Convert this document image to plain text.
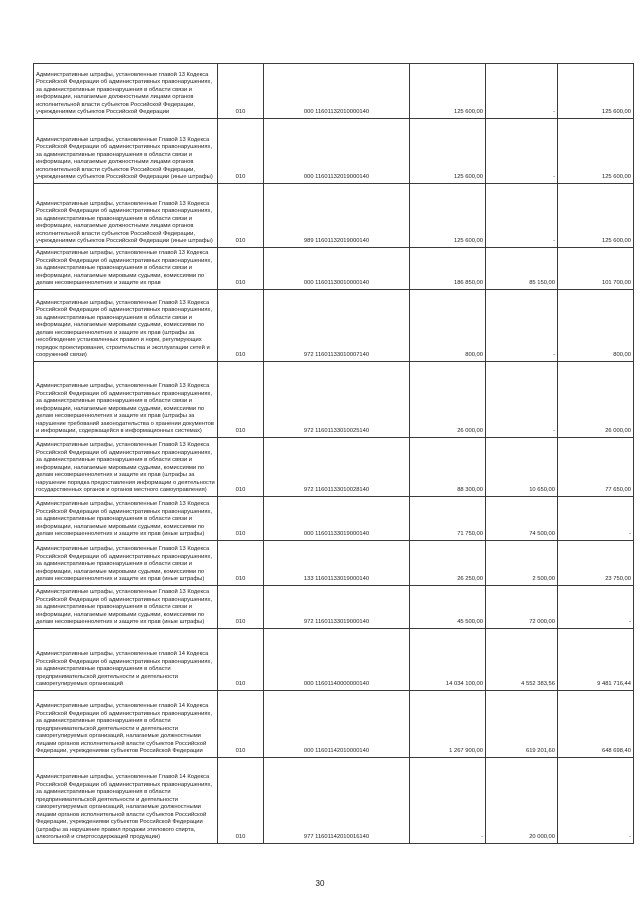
Административные штрафы, установленные главой 13 Кодекса Российской Федерации об административных правонарушениях, за административные правонарушения в области связи и информации, налагаемые должностными лицами органов исполнительной власти субъектов Российской Федерации, учреждениями субъектов Российской Федерации	010	000 11601132010000140	125 600,00	-	125 600,00
Административные штрафы, установленные Главой 13 Кодекса Российской Федерации об административных правонарушениях, за административные правонарушения в области связи и информации, налагаемые должностными лицами органов исполнительной власти субъектов Российской Федерации, учреждениями субъектов Российской Федерации (иные штрафы)	010	000 11601132019000140	125 600,00	-	125 600,00
Административные штрафы, установленные Главой 13 Кодекса Российской Федерации об административных правонарушениях, за административные правонарушения в области связи и информации, налагаемые должностными лицами органов исполнительной власти субъектов Российской Федерации, учреждениями субъектов Российской Федерации (иные штрафы)	010	989 11601132019000140	125 600,00	-	125 600,00
Административные штрафы, установленные главой 13 Кодекса Российской Федерации об административных правонарушениях, за административные правонарушения в области связи и информации, налагаемые мировыми судьями, комиссиями по делам несовершеннолетних и защите их прав	010	000 11601130010000140	186 850,00	85 150,00	101 700,00
Административные штрафы, установленные Главой 13 Кодекса Российской Федерации об административных правонарушениях, за административные правонарушения в области связи и информации, налагаемые мировыми судьями, комиссиями по делам несовершеннолетних и защите их прав (штрафы за несоблюдение установленных правил и норм, регулирующих порядок проектирования, строительства и эксплуатации сетей и сооружений связи)	010	972 11601133010007140	800,00	-	800,00
Административные штрафы, установленные Главой 13 Кодекса Российской Федерации об административных правонарушениях, за административные правонарушения в области связи и информации, налагаемые мировыми судьями, комиссиями по делам несовершеннолетних и защите их прав (штрафы за нарушение требований законодательства о хранении документов и информации, содержащейся в информационных системах)	010	972 11601133010025140	26 000,00	-	26 000,00
Административные штрафы, установленные Главой 13 Кодекса Российской Федерации об административных правонарушениях, за административные правонарушения в области связи и информации, налагаемые мировыми судьями, комиссиями по делам несовершеннолетних и защите их прав (штрафы за нарушение порядка предоставления информации о деятельности государственных органов и органов местного самоуправления)	010	972 11601133010028140	88 300,00	10 650,00	77 650,00
Административные штрафы, установленные Главой 13 Кодекса Российской Федерации об административных правонарушениях, за административные правонарушения в области связи и информации, налагаемые мировыми судьями, комиссиями по делам несовершеннолетних и защите их прав (иные штрафы)	010	000 11601133019000140	71 750,00	74 500,00	-
Административные штрафы, установленные Главой 13 Кодекса Российской Федерации об административных правонарушениях, за административные правонарушения в области связи и информации, налагаемые мировыми судьями, комиссиями по делам несовершеннолетних и защите их прав (иные штрафы)	010	133 11601133019000140	26 250,00	2 500,00	23 750,00
Административные штрафы, установленные Главой 13 Кодекса Российской Федерации об административных правонарушениях, за административные правонарушения в области связи и информации, налагаемые мировыми судьями, комиссиями по делам несовершеннолетних и защите их прав (иные штрафы)	010	972 11601133019000140	45 500,00	72 000,00	-
Административные штрафы, установленные главой 14 Кодекса Российской Федерации об административных правонарушениях, за административные правонарушения в области предпринимательской деятельности и деятельности саморегулируемых организаций	010	000 11601140000000140	14 034 100,00	4 552 383,56	9 481 716,44
Административные штрафы, установленные главой 14 Кодекса Российской Федерации об административных правонарушениях, за административные правонарушения в области предпринимательской деятельности и деятельности саморегулируемых организаций, налагаемые должностными лицами органов исполнительной власти субъектов Российской Федерации, учреждениями субъектов Российской Федерации	010	000 11601142010000140	1 267 900,00	619 201,60	648 698,40
Административные штрафы, установленные Главой 14 Кодекса Российской Федерации об административных правонарушениях, за административные правонарушения в области предпринимательской деятельности и деятельности саморегулируемых организаций, налагаемые должностными лицами органов исполнительной власти субъектов Российской Федерации, учреждениями субъектов Российской Федерации (штрафы за нарушение правил продажи этилового спирта, алкогольной и спиртосодержащей продукции)	010	977 11601142010016140	-	20 000,00	-
30
